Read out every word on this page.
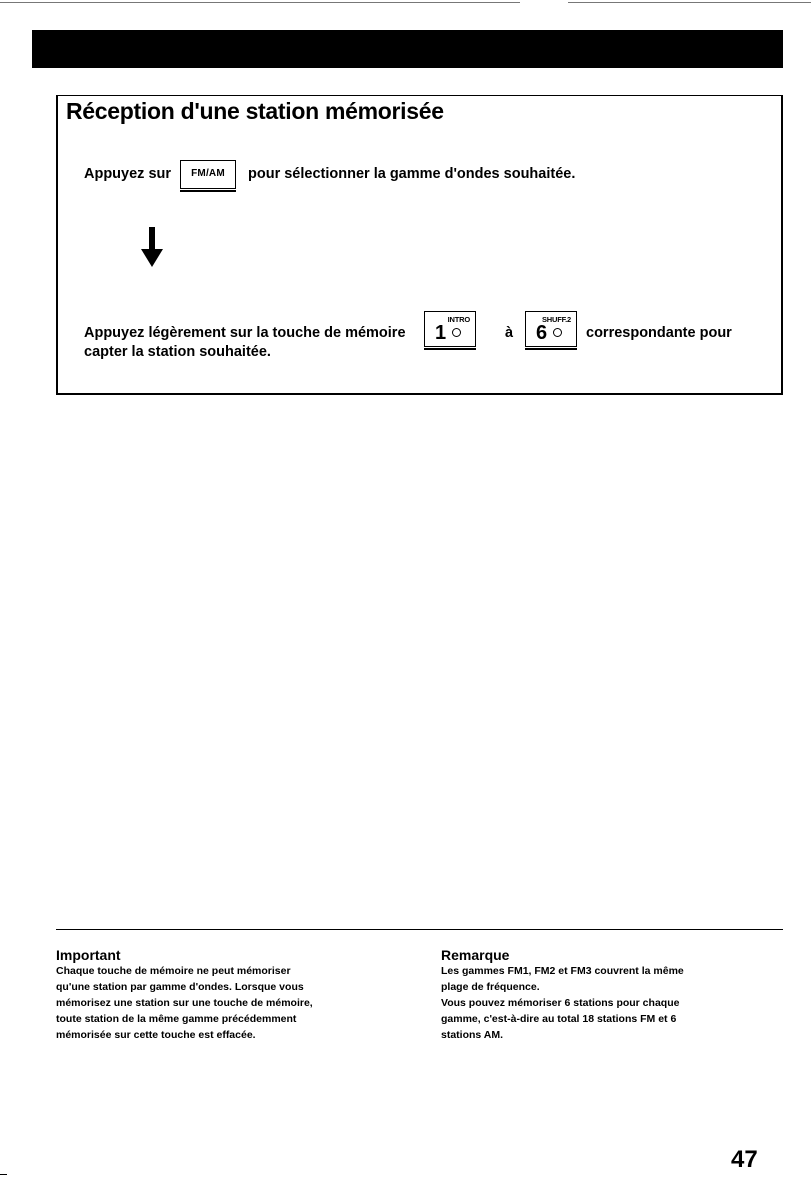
Réception d'une station mémorisée
Appuyez sur	FM/AM	pour sélectionner la gamme d'ondes souhaitée.
Appuyez légèrement sur la touche de mémoire
INTRO
1	à
SHUFF.2
6	correspondante pour
capter la station souhaitée.
Important
Chaque touche de mémoire ne peut mémoriser
qu'une station par gamme d'ondes. Lorsque vous
mémorisez une station sur une touche de mémoire,
toute station de la même gamme précédemment
mémorisée sur cette touche est effacée.
Remarque
Les gammes FM1, FM2 et FM3 couvrent la même
plage de fréquence.
Vous pouvez mémoriser 6 stations pour chaque
gamme, c'est-à-dire au total 18 stations FM et 6
stations AM.
47
